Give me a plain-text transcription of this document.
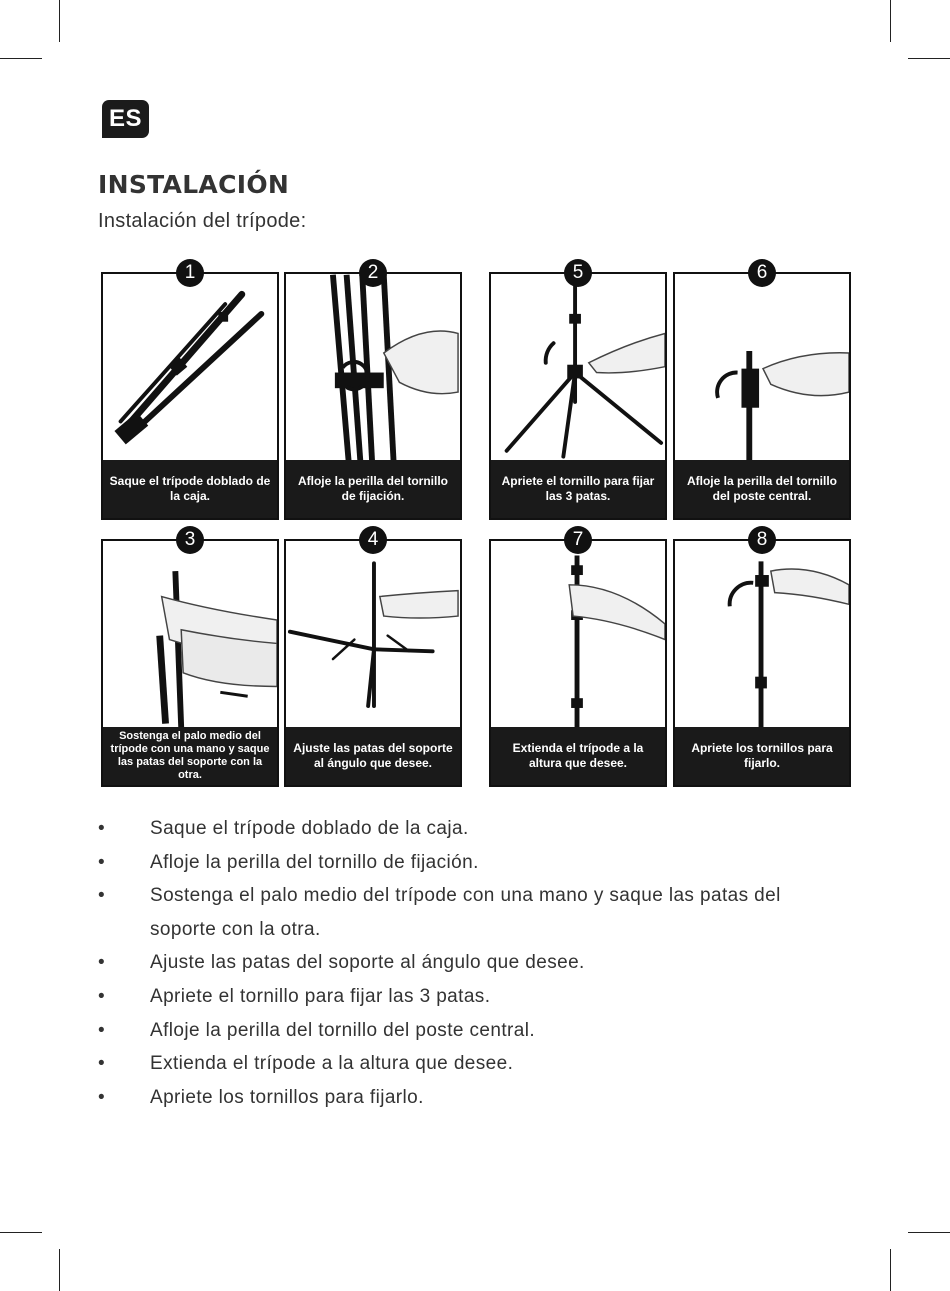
ES
INSTALACIÓN

Instalación del trípode:

1
Saque el trípode doblado de la caja.
2
Afloje la perilla del tornillo de fijación.
5
Apriete el tornillo para fijar las 3 patas.
6
Afloje la perilla del tornillo del poste central.
3
Sostenga el palo medio del trípode con una mano y saque las patas del soporte con la otra.
4
Ajuste las patas del soporte al ángulo que desee.
7
Extienda el trípode a la altura que desee.
8
Apriete los tornillos para fijarlo.
• Saque el trípode doblado de la caja.
• Afloje la perilla del tornillo de fijación.
• Sostenga el palo medio del trípode con una mano y saque las patas del soporte con la otra.
• Ajuste las patas del soporte al ángulo que desee.
• Apriete el tornillo para fijar las 3 patas.
• Afloje la perilla del tornillo del poste central.
• Extienda el trípode a la altura que desee.
• Apriete los tornillos para fijarlo.
